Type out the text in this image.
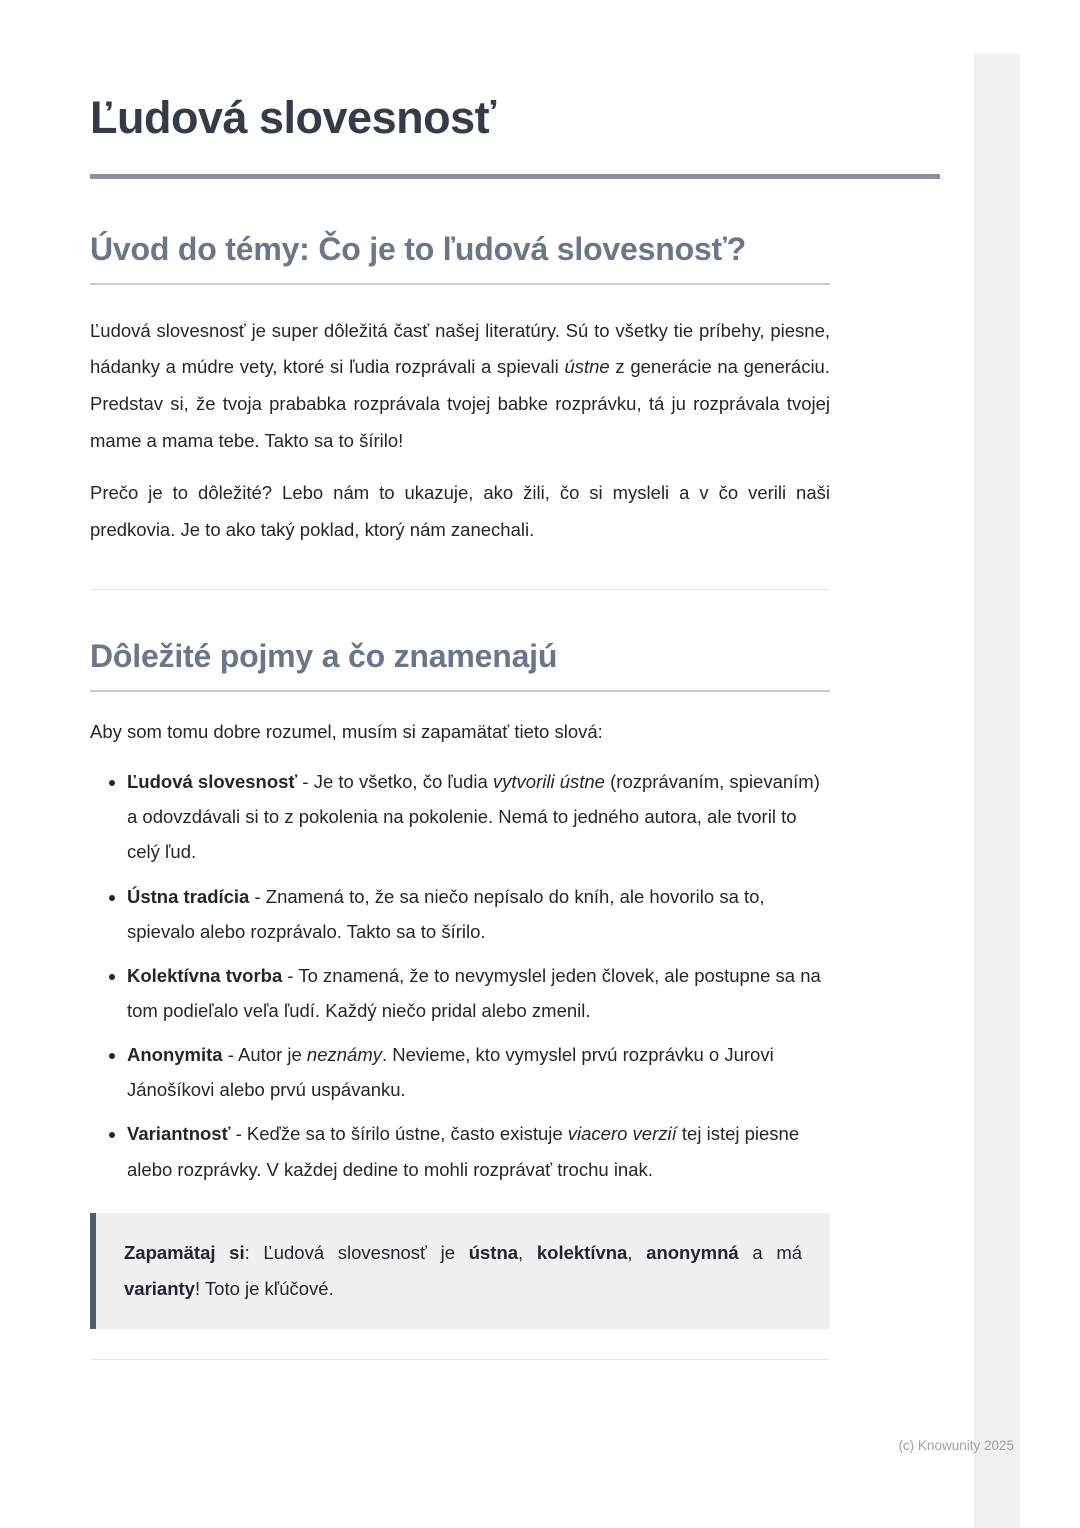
Ľudová slovesnosť
Úvod do témy: Čo je to ľudová slovesnosť?

Ľudová slovesnosť je super dôležitá časť našej literatúry. Sú to všetky tie príbehy, piesne, hádanky a múdre vety, ktoré si ľudia rozprávali a spievali ústne z generácie na generáciu. Predstav si, že tvoja prababka rozprávala tvojej babke rozprávku, tá ju rozprávala tvojej mame a mama tebe. Takto sa to šírilo!

Prečo je to dôležité? Lebo nám to ukazuje, ako žili, čo si mysleli a v čo verili naši predkovia. Je to ako taký poklad, ktorý nám zanechali.

Dôležité pojmy a čo znamenajú

Aby som tomu dobre rozumel, musím si zapamätať tieto slová:

• Ľudová slovesnosť - Je to všetko, čo ľudia vytvorili ústne (rozprávaním, spievaním) a odovzdávali si to z pokolenia na pokolenie. Nemá to jedného autora, ale tvoril to celý ľud.
• Ústna tradícia - Znamená to, že sa niečo nepísalo do kníh, ale hovorilo sa to, spievalo alebo rozprávalo. Takto sa to šírilo.
• Kolektívna tvorba - To znamená, že to nevymyslel jeden človek, ale postupne sa na tom podieľalo veľa ľudí. Každý niečo pridal alebo zmenil.
• Anonymita - Autor je neznámy. Nevieme, kto vymyslel prvú rozprávku o Jurovi Jánošíkovi alebo prvú uspávanku.
• Variantnosť - Keďže sa to šírilo ústne, často existuje viacero verzií tej istej piesne alebo rozprávky. V každej dedine to mohli rozprávať trochu inak.
Zapamätaj si: Ľudová slovesnosť je ústna, kolektívna, anonymná a má varianty! Toto je kľúčové.
(c) Knowunity 2025
